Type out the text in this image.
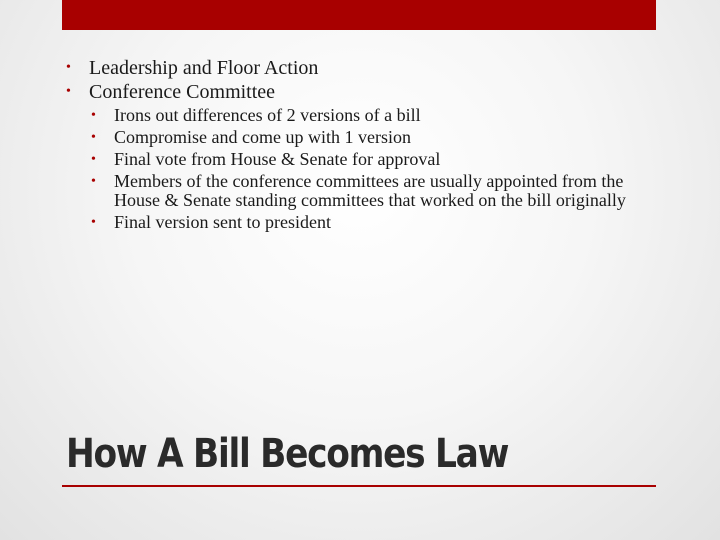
• Leadership and Floor Action
• Conference Committee
• Irons out differences of 2 versions of a bill
• Compromise and come up with 1 version
• Final vote from House & Senate for approval
• Members of the conference committees are usually appointed from the House & Senate standing committees that worked on the bill originally
• Final version sent to president
How A Bill Becomes Law
